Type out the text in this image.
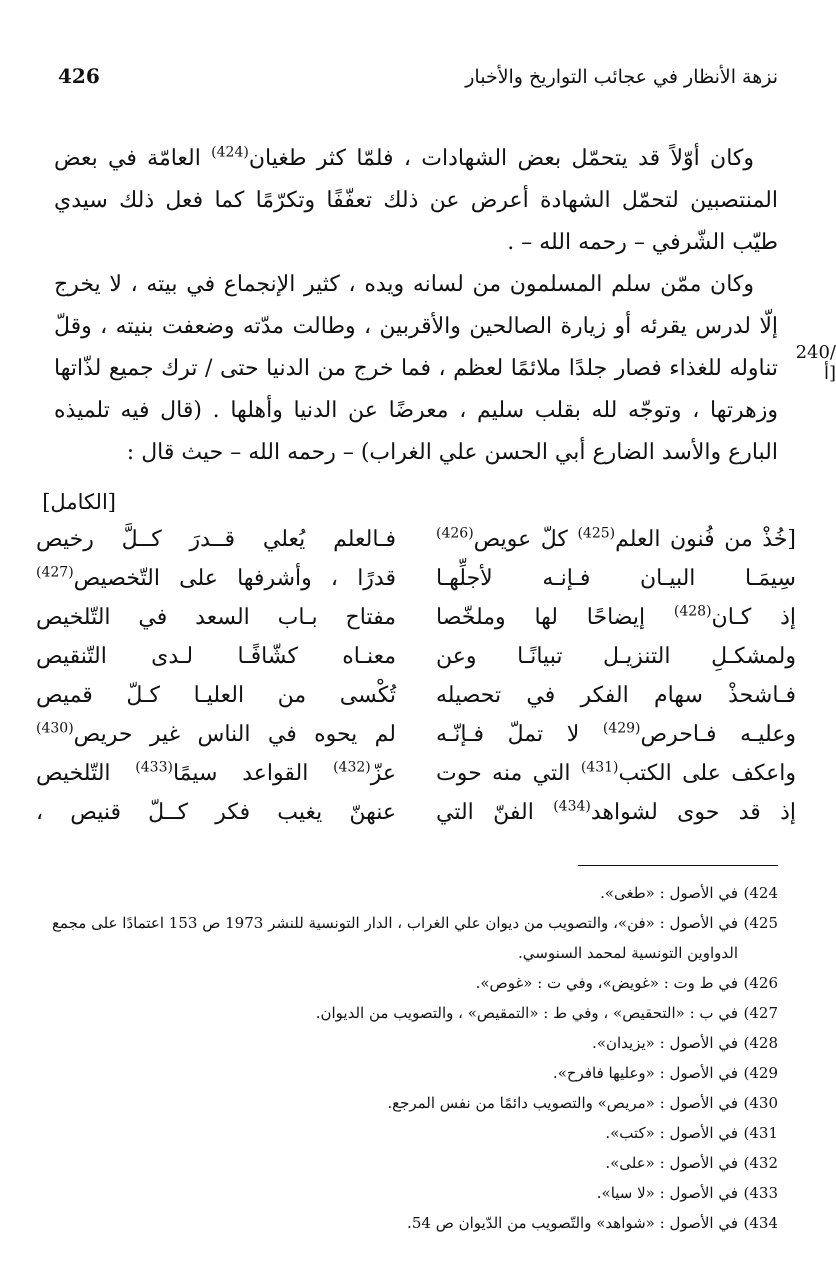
426	نزهة الأنظار في عجائب التواريخ والأخبار
240/أ]

وكان أوّلاً قد يتحمّل بعض الشهادات ، فلمّا كثر طغيان$^{(424)}$ العامّة في بعض المنتصبين لتحمّل الشهادة أعرض عن ذلك تعفّفًا وتكرّمًا كما فعل ذلك سيدي طيّب الشّرفي – رحمه الله – .

وكان ممّن سلم المسلمون من لسانه ويده ، كثير الإنجماع في بيته ، لا يخرج إلّا لدرس يقرئه أو زيارة الصالحين والأقربين ، وطالت مدّته وضعفت بنيته ، وقلّ تناوله للغذاء فصار جلدًا ملائمًا لعظم ، فما خرج من الدنيا حتى / ترك جميع لذّاتها وزهرتها ، وتوجّه لله بقلب سليم ، معرضًا عن الدنيا وأهلها . (قال فيه تلميذه البارع والأسد الضارع أبي الحسن علي الغراب) – رحمه الله – حيث قال :

[الكامل]
[خُذْ من فُنون العلم$^{(425)}$ كلّ عويص$^{(426)}$
فـالعلم يُعلي قــدرَ كــلَّ رخيص
سِيمَـا البيـان فـإنـه لأجلِّهـا
قدرًا ، وأشرفها على التّخصيص$^{(427)}$
إذ كـان$^{(428)}$ إيضاحًا لها وملخّصا
مفتاح بـاب السعد في التّلخيص
ولمشكـلِ التنزيـل تبيانًـا وعن
معنـاه كشّافًـا لـدى التّنقيص
فـاشحذْ سهام الفكر في تحصيله
تُكْسى من العليـا كـلّ قميص
وعليـه فـاحرص$^{(429)}$ لا تملّ فـإنّـه
لم يحوه في الناس غير حريص$^{(430)}$
واعكف على الكتب$^{(431)}$ التي منه حوت
عزّ$^{(432)}$ القواعد سيمًا$^{(433)}$ التّلخيص
إذ قد حوى لشواهد$^{(434)}$ الفنّ التي
عنهنّ يغيب فكر كــلّ قنيص ،
424)
في الأصول : «طغى».
425)
في الأصول : «فن»، والتصويب من ديوان علي الغراب ، الدار التونسية للنشر 1973 ص 153 اعتمادًا على مجمع الدواوين التونسية لمحمد السنوسي.
426)
في ط وت : «غويض»، وفي ت : «غوص».
427)
في ب : «التحقيص» ، وفي ط : «التمقيص» ، والتصويب من الديوان.
428)
في الأصول : «يزيدان».
429)
في الأصول : «وعليها فافرح».
430)
في الأصول : «مريص» والتصويب دائمًا من نفس المرجع.
431)
في الأصول : «كتب».
432)
في الأصول : «على».
433)
في الأصول : «لا سيا».
434)
في الأصول : «شواهد» والتّصويب من الدّيوان ص 54.
